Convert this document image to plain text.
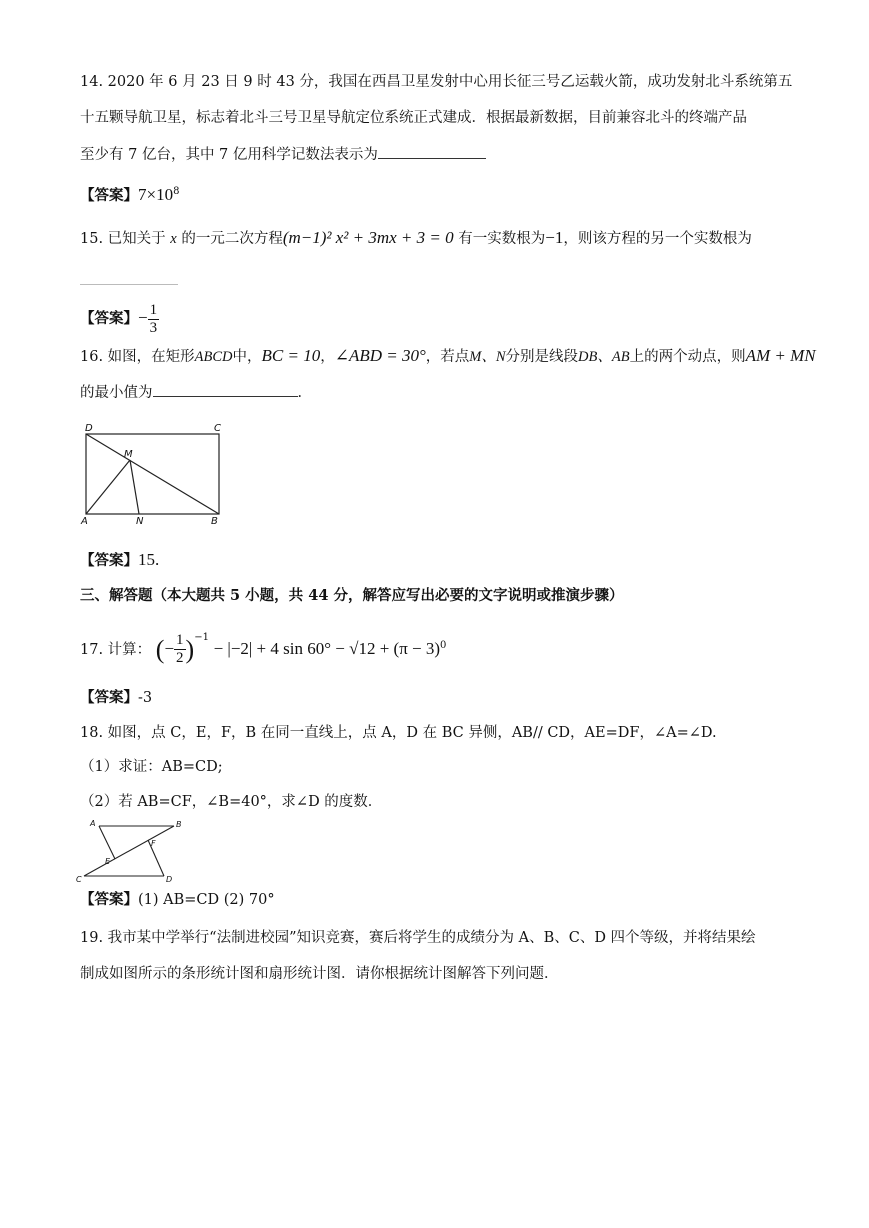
14. 2020 年 6 月 23 日 9 时 43 分，我国在西昌卫星发射中心用长征三号乙运载火箭，成功发射北斗系统第五
十五颗导航卫星，标志着北斗三号卫星导航定位系统正式建成．根据最新数据，目前兼容北斗的终端产品
至少有 7 亿台，其中 7 亿用科学记数法表示为
【答案】$7\times 10^8$
15. 已知关于 x 的一元二次方程(m−1)² x² + 3mx + 3 = 0 有一实数根为−1，则该方程的另一个实数根为
【答案】− $\frac{1}{3}$
16. 如图，在矩形ABCD中，BC = 10，∠ABD = 30°，若点M、N分别是线段DB、AB上的两个动点，则AM + MN
的最小值为	．
D	C
M
A	N	B
【答案】15.
三、解答题（本大题共 5 小题，共 44 分，解答应写出必要的文字说明或推演步骤）
17. 计算： (− $\frac{1}{2} )^{-1} - |-2| + 4$ $\sin 60^\circ - √12 + (\pi - 3)^0$
【答案】-3
18. 如图，点 C，E，F，B 在同一直线上，点 A，D 在 BC 异侧，AB// CD，AE=DF，∠A=∠D.
（1）求证：AB=CD;
（2）若 AB=CF，∠B=40°，求∠D 的度数．
A	B
C	D
E
F
【答案】(1) AB=CD (2) 70°
19. 我市某中学举行“法制进校园”知识竞赛，赛后将学生的成绩分为 A、B、C、D 四个等级，并将结果绘
制成如图所示的条形统计图和扇形统计图．请你根据统计图解答下列问题．
